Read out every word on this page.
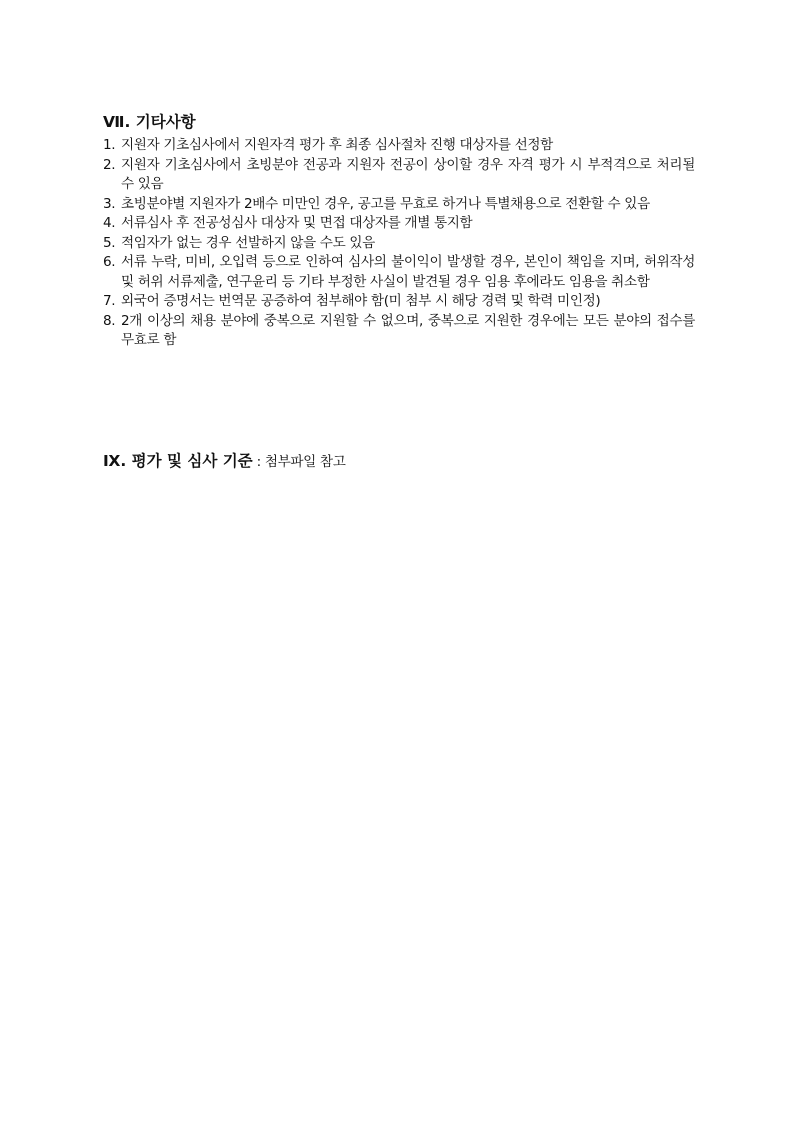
Ⅶ. 기타사항
1. 지원자 기초심사에서 지원자격 평가 후 최종 심사절차 진행 대상자를 선정함
2. 지원자 기초심사에서 초빙분야 전공과 지원자 전공이 상이할 경우 자격 평가 시 부적격으로 처리될 수 있음
3. 초빙분야별 지원자가 2배수 미만인 경우, 공고를 무효로 하거나 특별채용으로 전환할 수 있음
4. 서류심사 후 전공성심사 대상자 및 면접 대상자를 개별 통지함
5. 적임자가 없는 경우 선발하지 않을 수도 있음
6. 서류 누락, 미비, 오입력 등으로 인하여 심사의 불이익이 발생할 경우, 본인이 책임을 지며, 허위작성 및 허위 서류제출, 연구윤리 등 기타 부정한 사실이 발견될 경우 임용 후에라도 임용을 취소함
7. 외국어 증명서는 번역문 공증하여 첨부해야 함(미 첨부 시 해당 경력 및 학력 미인정)
8. 2개 이상의 채용 분야에 중복으로 지원할 수 없으며, 중복으로 지원한 경우에는 모든 분야의 접수를 무효로 함
Ⅸ. 평가 및 심사 기준 : 첨부파일 참고
